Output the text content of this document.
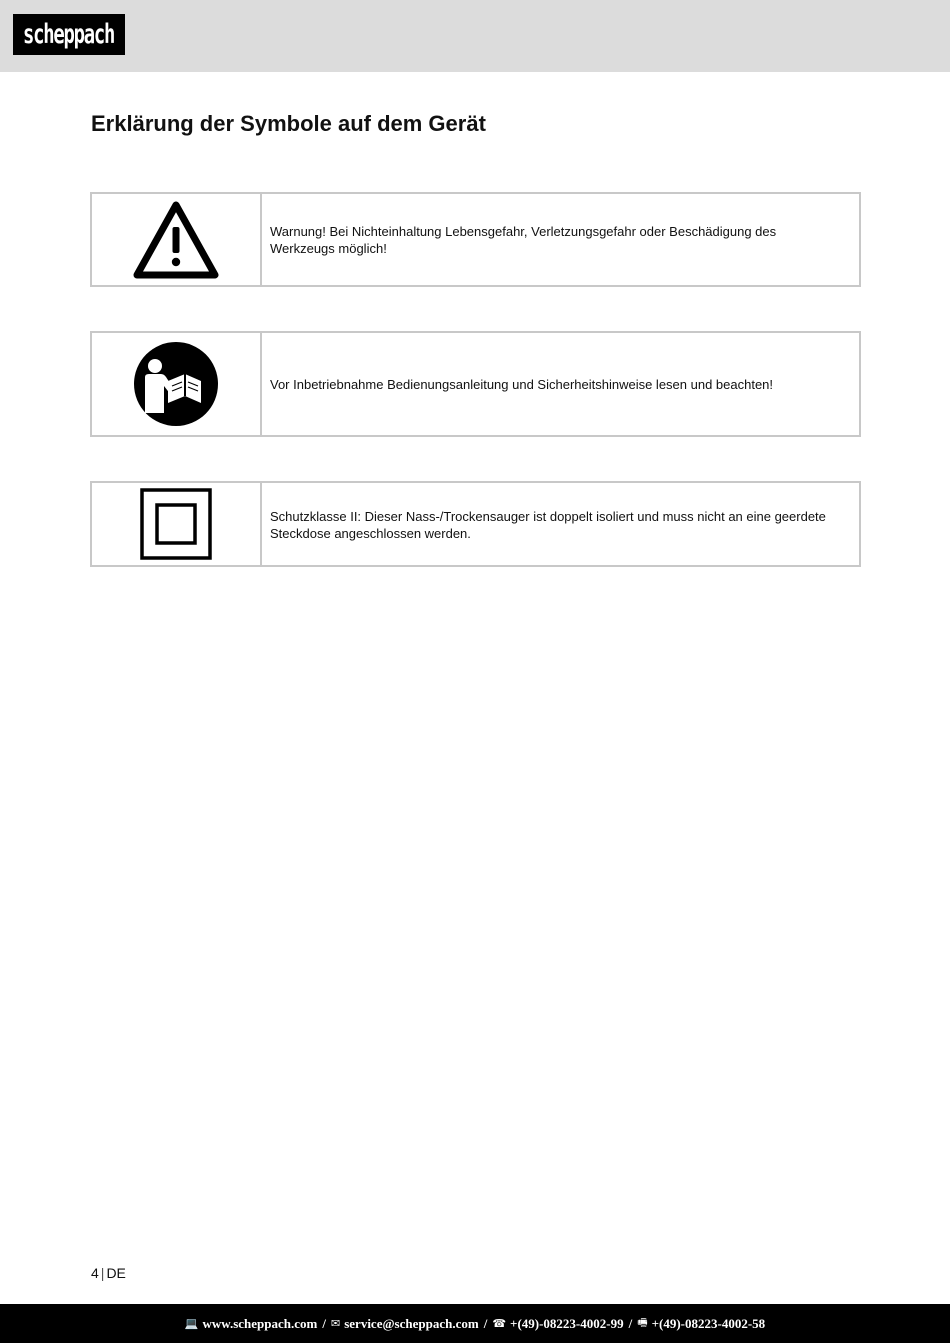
scheppach
Erklärung der Symbole auf dem Gerät
Warnung! Bei Nichteinhaltung Lebensgefahr, Verletzungsgefahr oder Beschädigung des Werkzeugs möglich!
Vor Inbetriebnahme Bedienungsanleitung und Sicherheitshinweise lesen und beachten!
Schutzklasse II: Dieser Nass-/Trockensauger ist doppelt isoliert und muss nicht an eine geerdete Steckdose angeschlossen werden.
4 | DE
💻 www.scheppach.com / ✉ service@scheppach.com / ☎ +(49)-08223-4002-99 / 🖷 +(49)-08223-4002-58
